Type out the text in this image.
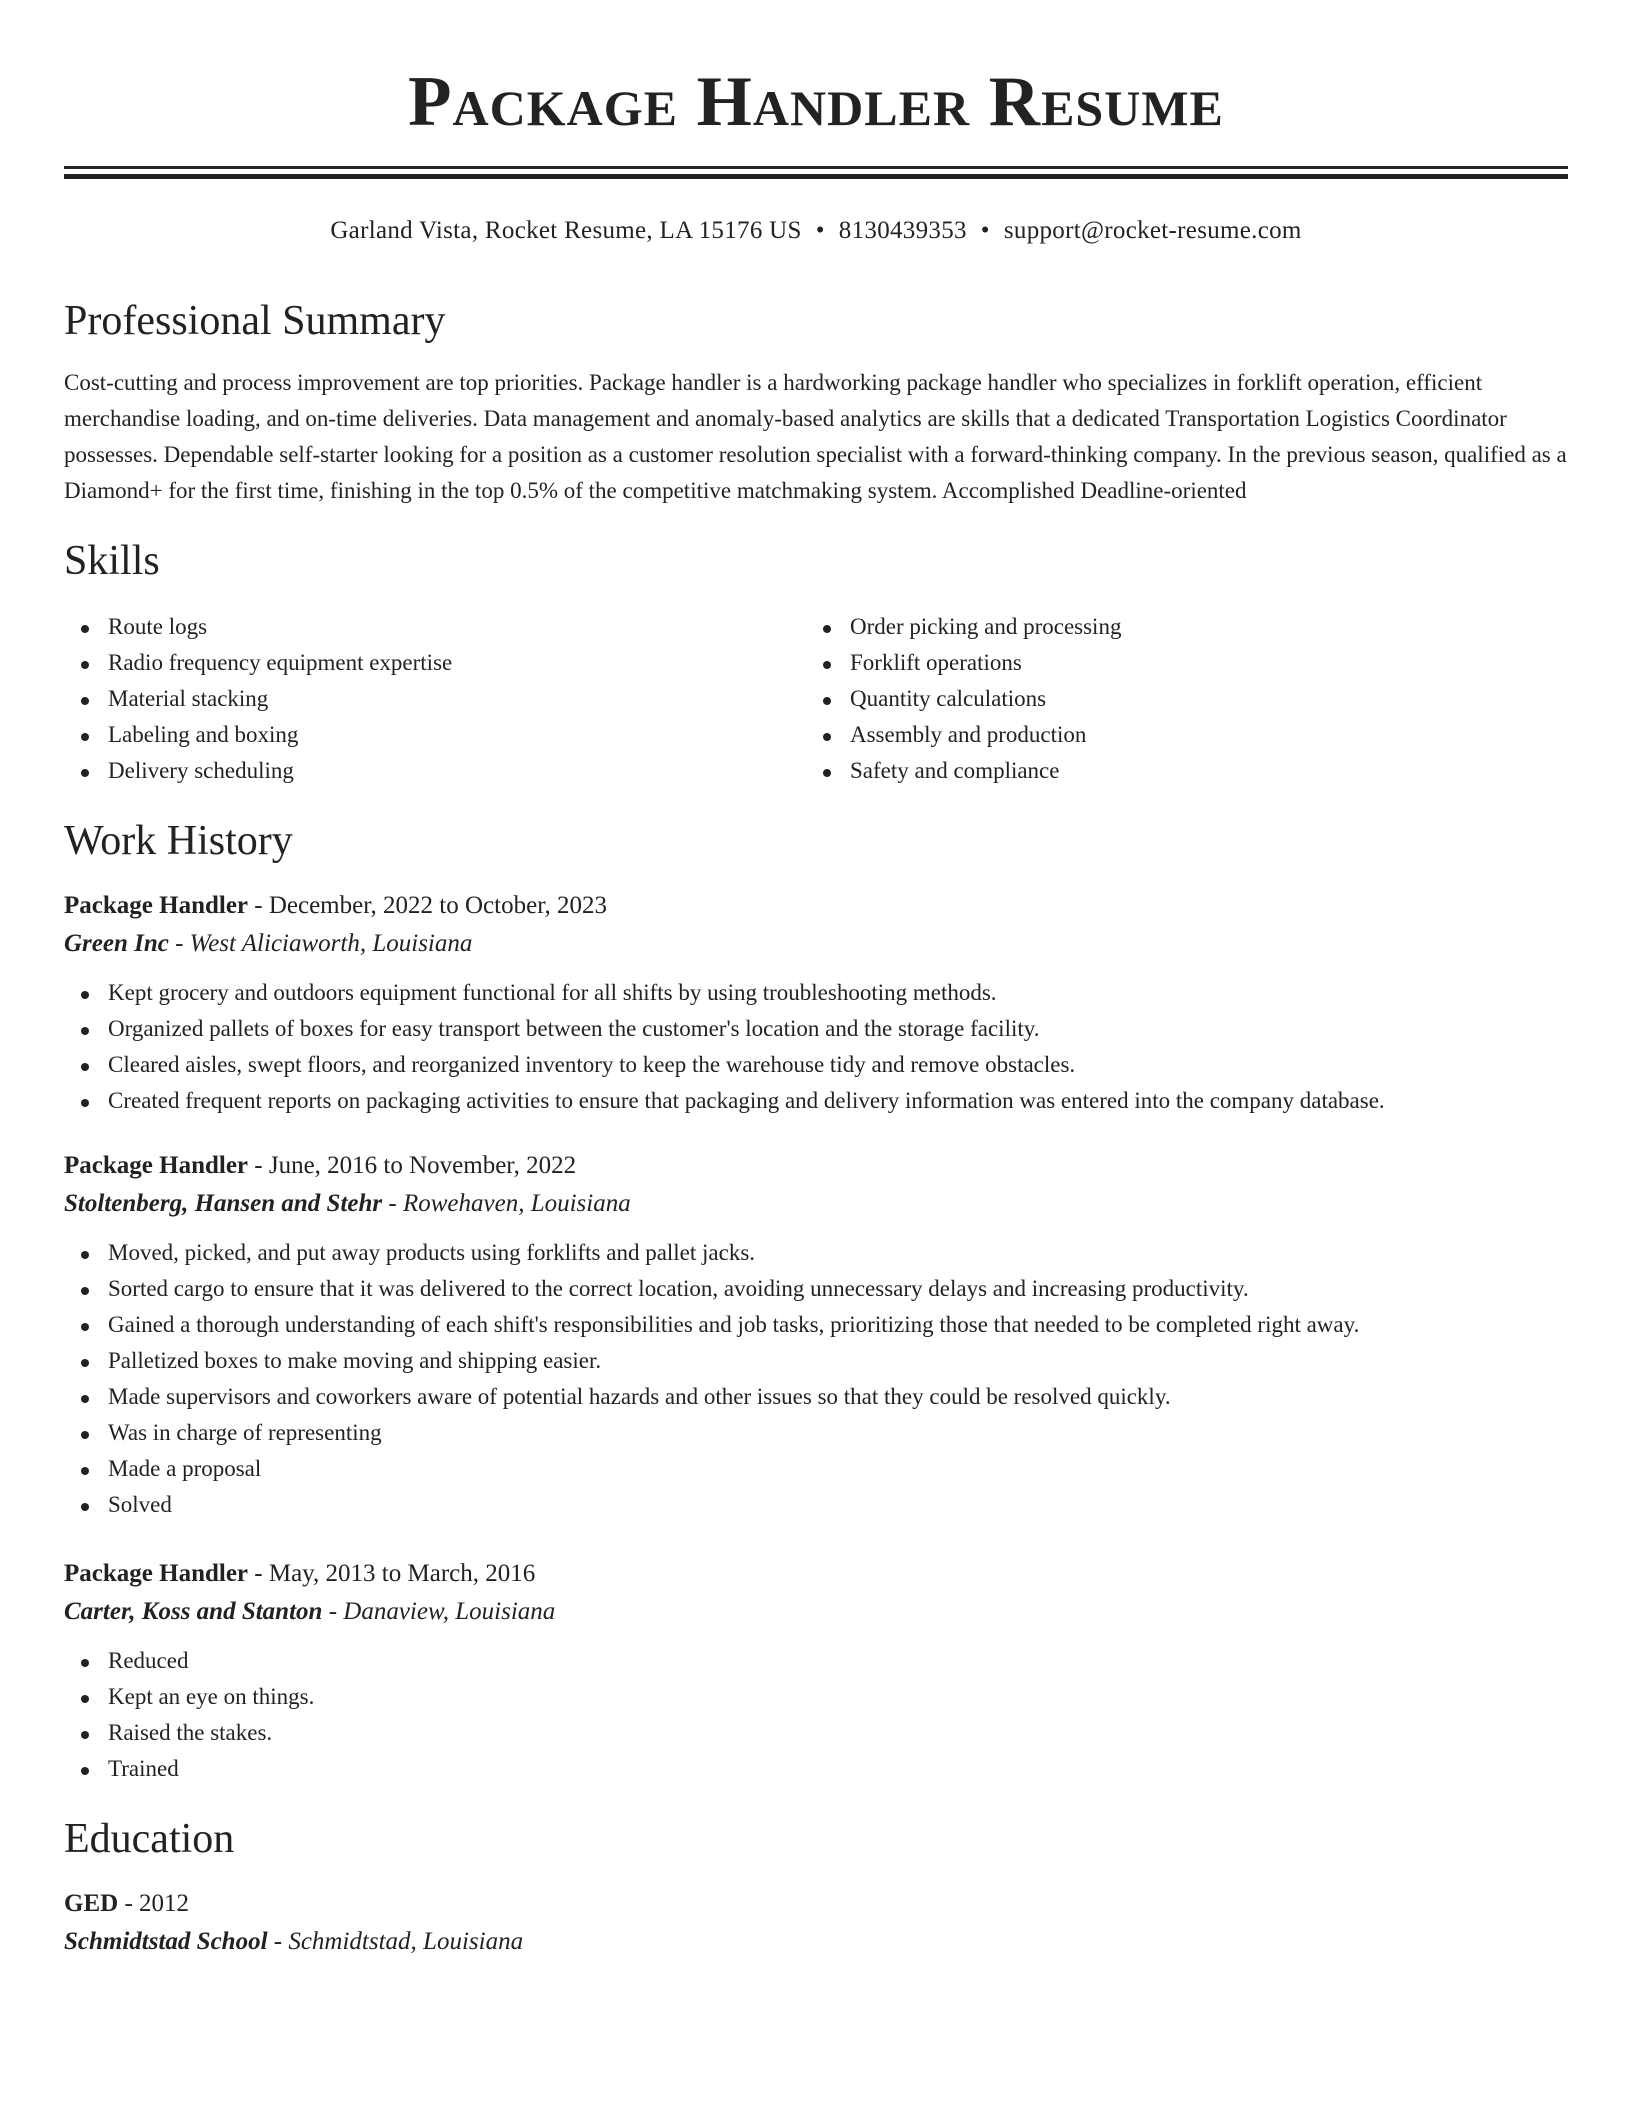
Package Handler Resume
Garland Vista, Rocket Resume, LA 15176 US • 8130439353 • support@rocket-resume.com
Professional Summary

Cost-cutting and process improvement are top priorities. Package handler is a hardworking package handler who specializes in forklift operation, efficient merchandise loading, and on-time deliveries. Data management and anomaly-based analytics are skills that a dedicated Transportation Logistics Coordinator possesses. Dependable self-starter looking for a position as a customer resolution specialist with a forward-thinking company. In the previous season, qualified as a Diamond+ for the first time, finishing in the top 0.5% of the competitive matchmaking system. Accomplished Deadline-oriented

Skills
Route logs
Radio frequency equipment expertise
Material stacking
Labeling and boxing
Delivery scheduling
Order picking and processing
Forklift operations
Quantity calculations
Assembly and production
Safety and compliance
Work History
Package Handler - December, 2022 to October, 2023
Green Inc - West Aliciaworth, Louisiana
Kept grocery and outdoors equipment functional for all shifts by using troubleshooting methods.
Organized pallets of boxes for easy transport between the customer's location and the storage facility.
Cleared aisles, swept floors, and reorganized inventory to keep the warehouse tidy and remove obstacles.
Created frequent reports on packaging activities to ensure that packaging and delivery information was entered into the company database.
Package Handler - June, 2016 to November, 2022
Stoltenberg, Hansen and Stehr - Rowehaven, Louisiana
Moved, picked, and put away products using forklifts and pallet jacks.
Sorted cargo to ensure that it was delivered to the correct location, avoiding unnecessary delays and increasing productivity.
Gained a thorough understanding of each shift's responsibilities and job tasks, prioritizing those that needed to be completed right away.
Palletized boxes to make moving and shipping easier.
Made supervisors and coworkers aware of potential hazards and other issues so that they could be resolved quickly.
Was in charge of representing
Made a proposal
Solved
Package Handler - May, 2013 to March, 2016
Carter, Koss and Stanton - Danaview, Louisiana
Reduced
Kept an eye on things.
Raised the stakes.
Trained
Education
GED - 2012
Schmidtstad School - Schmidtstad, Louisiana
